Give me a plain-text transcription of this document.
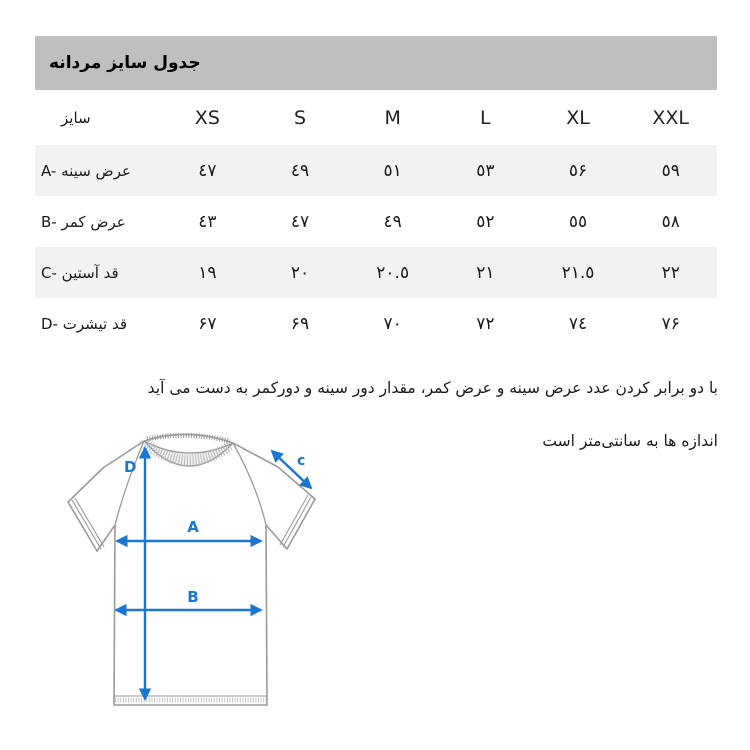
جدول سایز مردانه
سایز	XS	S	M	L	XL	XXL
A- عرض سینه	٤٧	٤٩	٥١	٥٣	٥۶	٥٩
B- عرض کمر	٤٣	٤٧	٤٩	٥٢	٥٥	٥٨
C- قد آستین	١٩	٢٠	٢٠.٥	٢١	٢١.٥	٢٢
D- قد تیشرت	۶٧	۶٩	٧٠	٧٢	٧٤	٧۶
با دو برابر کردن عدد عرض سینه و عرض کمر، مقدار دور سینه و دورکمر به دست می آید
اندازه ها به سانتی‌متر است
D
A
B
c
